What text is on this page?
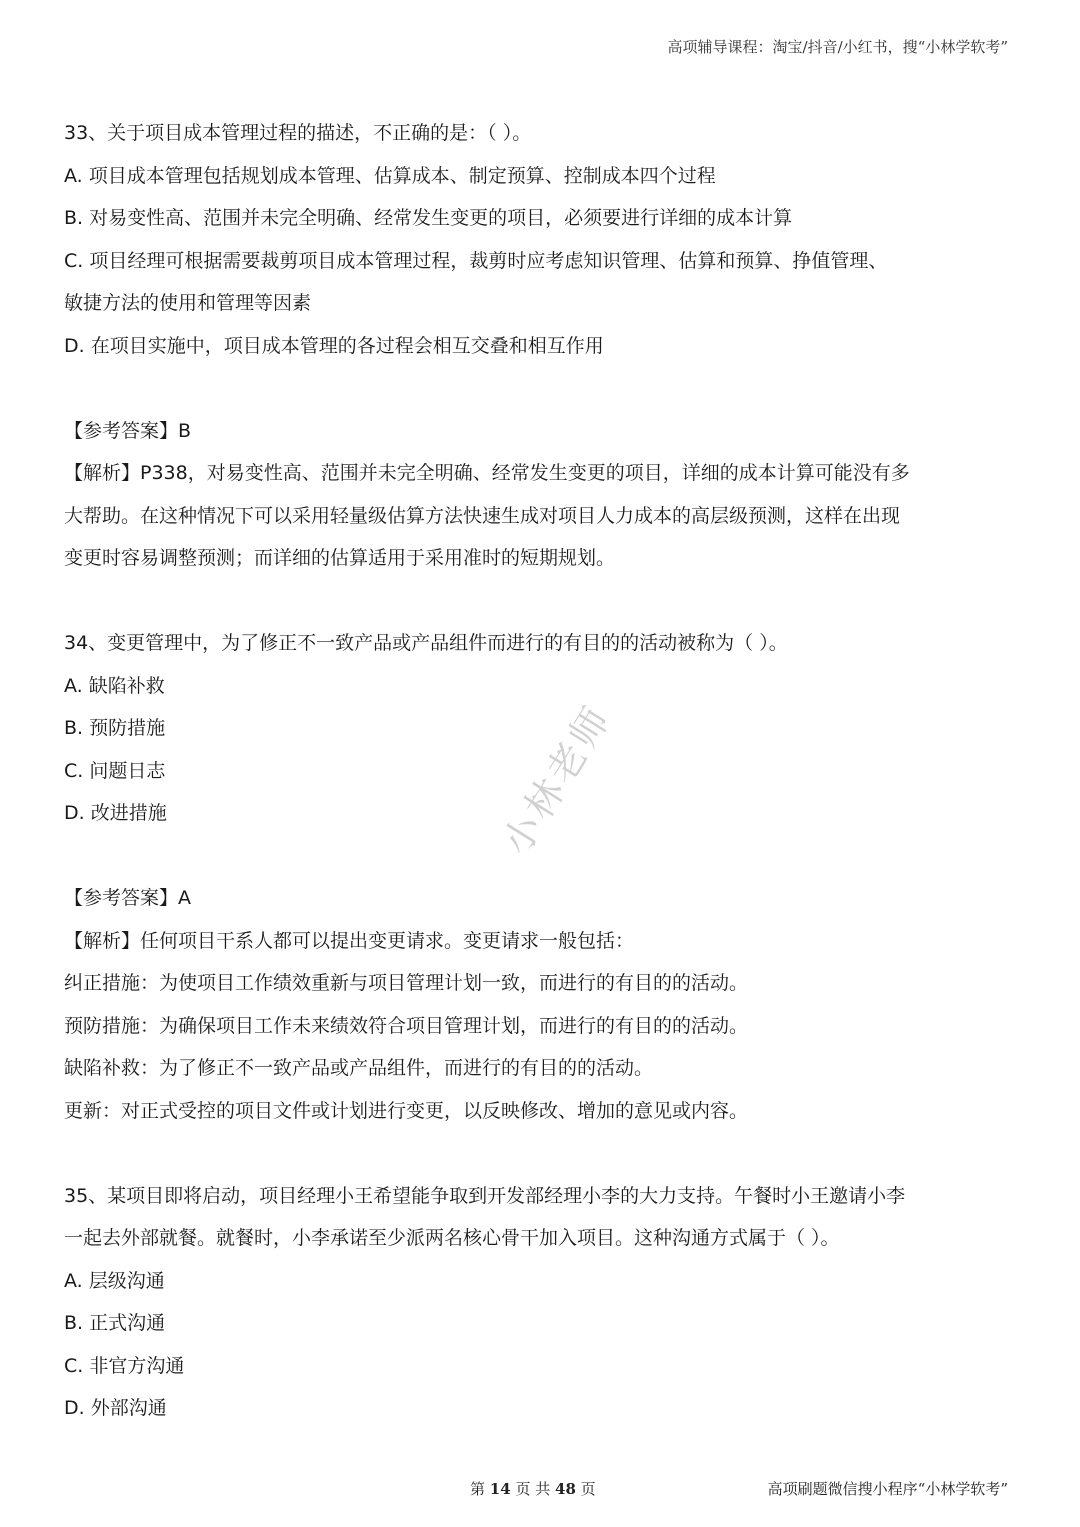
高项辅导课程：淘宝/抖音/小红书，搜“小林学软考”
小林老师
33、关于项目成本管理过程的描述，不正确的是：（ ）。
A. 项目成本管理包括规划成本管理、估算成本、制定预算、控制成本四个过程
B. 对易变性高、范围并未完全明确、经常发生变更的项目，必须要进行详细的成本计算
C. 项目经理可根据需要裁剪项目成本管理过程，裁剪时应考虑知识管理、估算和预算、挣值管理、
敏捷方法的使用和管理等因素
D. 在项目实施中，项目成本管理的各过程会相互交叠和相互作用
【参考答案】B
【解析】P338，对易变性高、范围并未完全明确、经常发生变更的项目，详细的成本计算可能没有多
大帮助。在这种情况下可以采用轻量级估算方法快速生成对项目人力成本的高层级预测，这样在出现
变更时容易调整预测；而详细的估算适用于采用准时的短期规划。
34、变更管理中，为了修正不一致产品或产品组件而进行的有目的的活动被称为（ ）。
A. 缺陷补救
B. 预防措施
C. 问题日志
D. 改进措施
【参考答案】A
【解析】任何项目干系人都可以提出变更请求。变更请求一般包括：
纠正措施：为使项目工作绩效重新与项目管理计划一致，而进行的有目的的活动。
预防措施：为确保项目工作未来绩效符合项目管理计划，而进行的有目的的活动。
缺陷补救：为了修正不一致产品或产品组件，而进行的有目的的活动。
更新：对正式受控的项目文件或计划进行变更，以反映修改、增加的意见或内容。
35、某项目即将启动，项目经理小王希望能争取到开发部经理小李的大力支持。午餐时小王邀请小李
一起去外部就餐。就餐时，小李承诺至少派两名核心骨干加入项目。这种沟通方式属于（ ）。
A. 层级沟通
B. 正式沟通
C. 非官方沟通
D. 外部沟通
第 14 页 共 48 页	高项刷题微信搜小程序“小林学软考”
